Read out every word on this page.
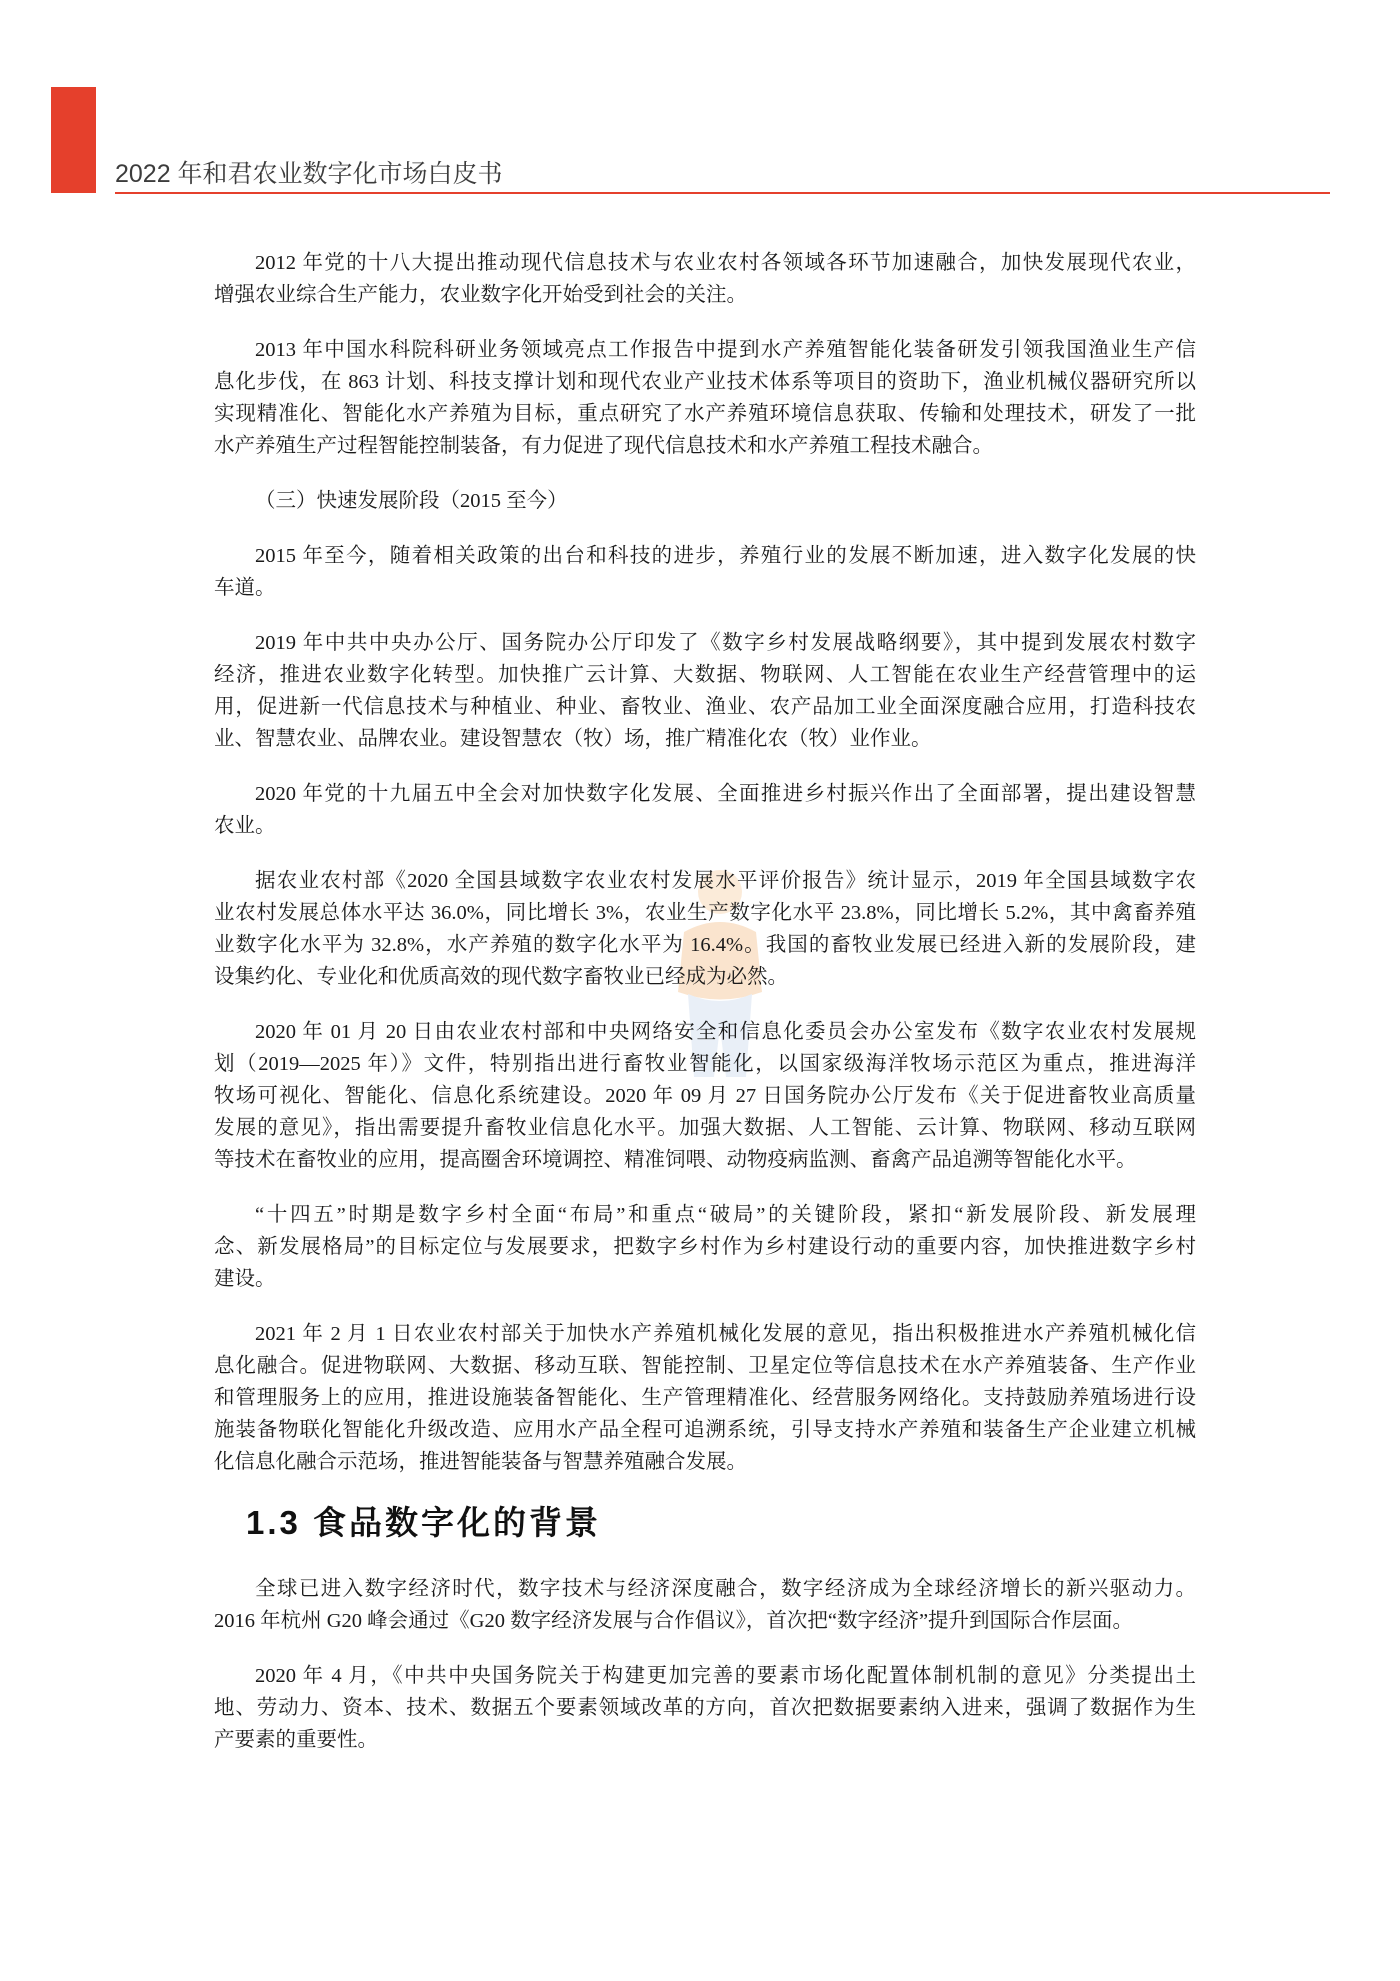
2022 年和君农业数字化市场白皮书
2012 年党的十八大提出推动现代信息技术与农业农村各领域各环节加速融合，加快发展现代农业，
增强农业综合生产能力，农业数字化开始受到社会的关注。
2013 年中国水科院科研业务领域亮点工作报告中提到水产养殖智能化装备研发引领我国渔业生产信
息化步伐，在 863 计划、科技支撑计划和现代农业产业技术体系等项目的资助下，渔业机械仪器研究所以
实现精准化、智能化水产养殖为目标，重点研究了水产养殖环境信息获取、传输和处理技术，研发了一批
水产养殖生产过程智能控制装备，有力促进了现代信息技术和水产养殖工程技术融合。
（三）快速发展阶段（2015 至今）
2015 年至今，随着相关政策的出台和科技的进步，养殖行业的发展不断加速，进入数字化发展的快
车道。
2019 年中共中央办公厅、国务院办公厅印发了《数字乡村发展战略纲要》，其中提到发展农村数字
经济，推进农业数字化转型。加快推广云计算、大数据、物联网、人工智能在农业生产经营管理中的运
用，促进新一代信息技术与种植业、种业、畜牧业、渔业、农产品加工业全面深度融合应用，打造科技农
业、智慧农业、品牌农业。建设智慧农（牧）场，推广精准化农（牧）业作业。
2020 年党的十九届五中全会对加快数字化发展、全面推进乡村振兴作出了全面部署，提出建设智慧
农业。
据农业农村部《2020 全国县域数字农业农村发展水平评价报告》统计显示，2019 年全国县域数字农
业农村发展总体水平达 36.0%，同比增长 3%，农业生产数字化水平 23.8%，同比增长 5.2%，其中禽畜养殖
业数字化水平为 32.8%，水产养殖的数字化水平为 16.4%。我国的畜牧业发展已经进入新的发展阶段，建
设集约化、专业化和优质高效的现代数字畜牧业已经成为必然。
2020 年 01 月 20 日由农业农村部和中央网络安全和信息化委员会办公室发布《数字农业农村发展规
划（2019—2025 年）》文件，特别指出进行畜牧业智能化，以国家级海洋牧场示范区为重点，推进海洋
牧场可视化、智能化、信息化系统建设。2020 年 09 月 27 日国务院办公厅发布《关于促进畜牧业高质量
发展的意见》，指出需要提升畜牧业信息化水平。加强大数据、人工智能、云计算、物联网、移动互联网
等技术在畜牧业的应用，提高圈舍环境调控、精准饲喂、动物疫病监测、畜禽产品追溯等智能化水平。
“十四五”时期是数字乡村全面“布局”和重点“破局”的关键阶段，紧扣“新发展阶段、新发展理
念、新发展格局”的目标定位与发展要求，把数字乡村作为乡村建设行动的重要内容，加快推进数字乡村
建设。
2021 年 2 月 1 日农业农村部关于加快水产养殖机械化发展的意见，指出积极推进水产养殖机械化信
息化融合。促进物联网、大数据、移动互联、智能控制、卫星定位等信息技术在水产养殖装备、生产作业
和管理服务上的应用，推进设施装备智能化、生产管理精准化、经营服务网络化。支持鼓励养殖场进行设
施装备物联化智能化升级改造、应用水产品全程可追溯系统，引导支持水产养殖和装备生产企业建立机械
化信息化融合示范场，推进智能装备与智慧养殖融合发展。
1.3 食品数字化的背景
全球已进入数字经济时代，数字技术与经济深度融合，数字经济成为全球经济增长的新兴驱动力。
2016 年杭州 G20 峰会通过《G20 数字经济发展与合作倡议》，首次把“数字经济”提升到国际合作层面。
2020 年 4 月，《中共中央国务院关于构建更加完善的要素市场化配置体制机制的意见》分类提出土
地、劳动力、资本、技术、数据五个要素领域改革的方向，首次把数据要素纳入进来，强调了数据作为生
产要素的重要性。
